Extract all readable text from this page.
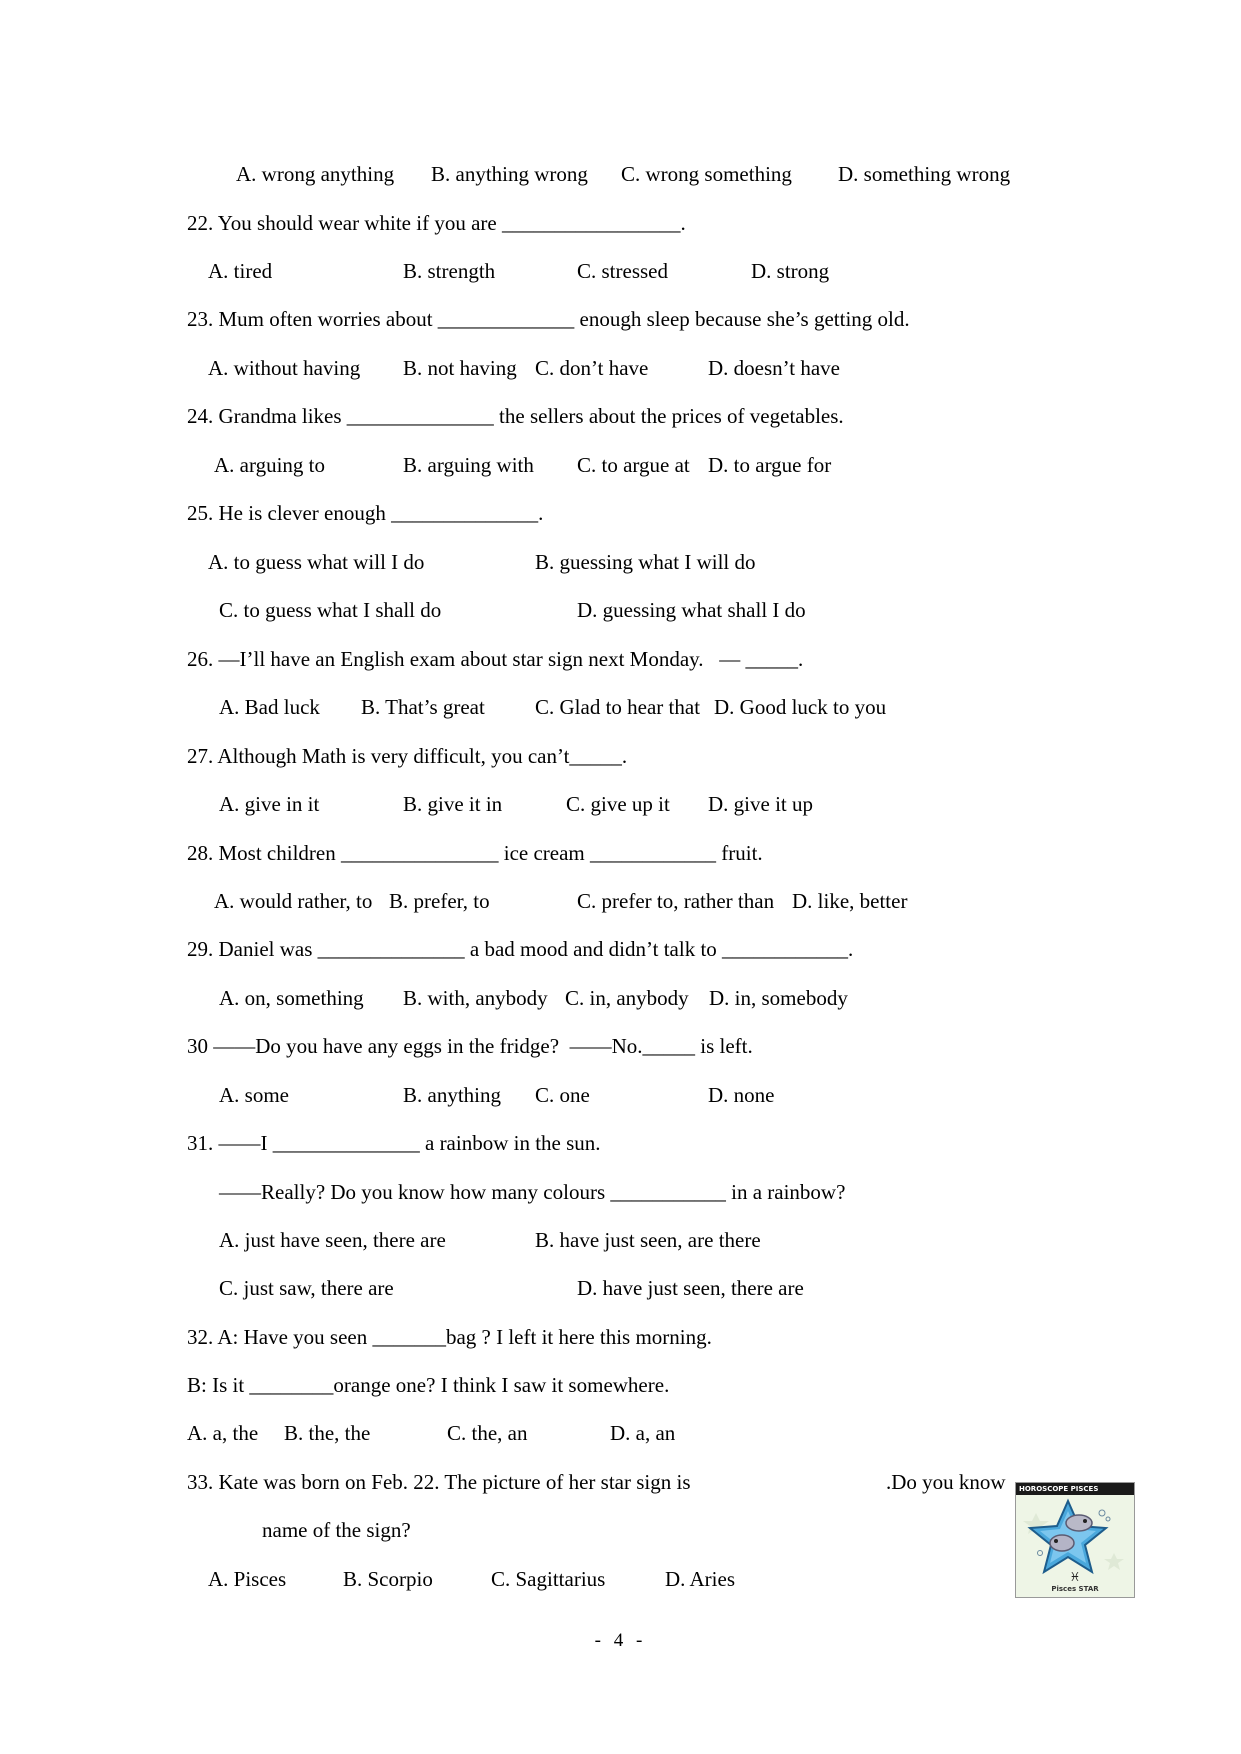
A. wrong anything B. anything wrong C. wrong something D. something wrong
22. You should wear white if you are _________________.
A. tired	B. strength	C. stressed	D. strong
23. Mum often worries about _____________ enough sleep because she’s getting old.
A. without having B. not having C. don’t have	D. doesn’t have
24. Grandma likes ______________ the sellers about the prices of vegetables.
A. arguing to	B. arguing with C. to argue at D. to argue for
25. He is clever enough ______________.
A. to guess what will I do	B. guessing what I will do
C. to guess what I shall do	D. guessing what shall I do
26. —I’ll have an English exam about star sign next Monday.   — _____.
A. Bad luck B. That’s great C. Glad to hear that D. Good luck to you
27. Although Math is very difficult, you can’t_____.
A. give in it	B. give it in	C. give up it D. give it up
28. Most children _______________ ice cream ____________ fruit.
A. would rather, to B. prefer, to	C. prefer to, rather than D. like, better
29. Daniel was ______________ a bad mood and didn’t talk to ____________.
A. on, something B. with, anybody C. in, anybody D. in, somebody
30 ——Do you have any eggs in the fridge?  ——No._____ is left.
A. some	B. anything C. one	D. none
31. ——I ______________ a rainbow in the sun.
——Really? Do you know how many colours ___________ in a rainbow?
A. just have seen, there are	B. have just seen, are there
C. just saw, there are	D. have just seen, there are
32. A: Have you seen _______bag ? I left it here this morning.
B: Is it ________orange one? I think I saw it somewhere.
A. a, the B. the, the	C. the, an	D. a, an
33. Kate was born on Feb. 22. The picture of her star sign is	.Do you know
name of the sign?
A. Pisces	B. Scorpio	C. Sagittarius	D. Aries
HOROSCOPE PISCES
♓
Pisces STAR
- 4 -
